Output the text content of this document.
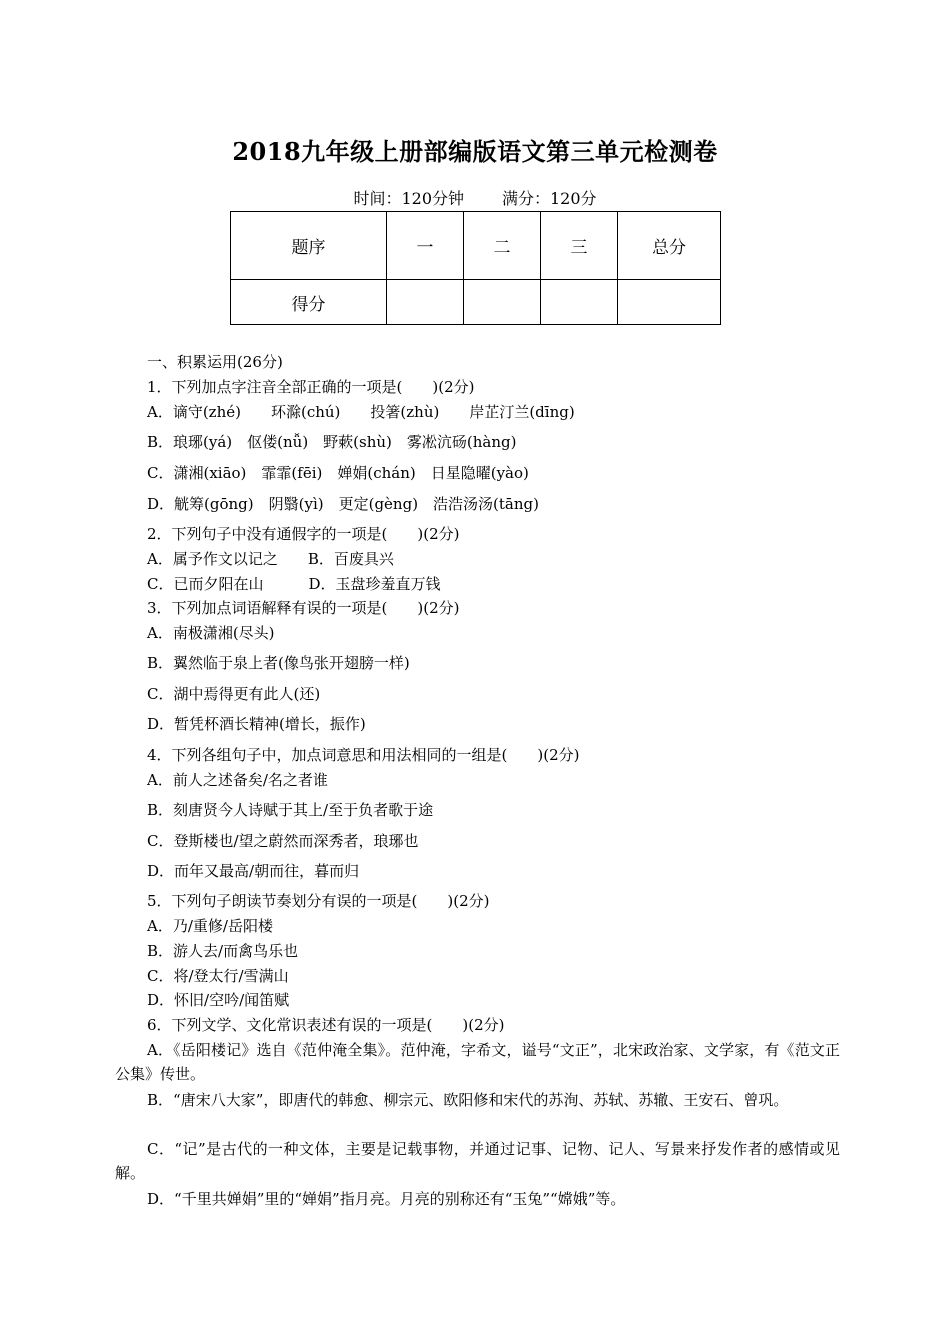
2018九年级上册部编版语文第三单元检测卷
时间：120分钟 满分：120分
题序	一	二	三	总分
得分				
一、积累运用(26分)
1．下列加点字注音全部正确的一项是(　　)(2分)
A．谪守(zhé)　　环滁(chú)　　投箸(zhù)　　岸芷汀兰(dīng)
B．琅琊(yá)　伛偻(nǚ)　野蔌(shù)　雾凇沆砀(hàng)
C．潇湘(xiāo)　霏霏(fēi)　婵娟(chán)　日星隐曜(yào)
D．觥筹(gōng)　阴翳(yì)　更定(gèng)　浩浩汤汤(tāng)
2．下列句子中没有通假字的一项是(　　)(2分)
A．属予作文以记之　　B．百废具兴
C．已而夕阳在山　　　D．玉盘珍羞直万钱
3．下列加点词语解释有误的一项是(　　)(2分)
A．南极潇湘(尽头)
B．翼然临于泉上者(像鸟张开翅膀一样)
C．湖中焉得更有此人(还)
D．暂凭杯酒长精神(增长，振作)
4．下列各组句子中，加点词意思和用法相同的一组是(　　)(2分)
A．前人之述备矣/名之者谁
B．刻唐贤今人诗赋于其上/至于负者歌于途
C．登斯楼也/望之蔚然而深秀者，琅琊也
D．而年又最高/朝而往，暮而归
5．下列句子朗读节奏划分有误的一项是(　　)(2分)
A．乃/重修/岳阳楼
B．游人去/而禽鸟乐也
C．将/登太行/雪满山
D．怀旧/空吟/闻笛赋
6．下列文学、文化常识表述有误的一项是(　　)(2分)
A．《岳阳楼记》选自《范仲淹全集》。范仲淹，字希文，谥号“文正”，北宋政治家、文学家，有《范文正公集》传世。
B．“唐宋八大家”，即唐代的韩愈、柳宗元、欧阳修和宋代的苏洵、苏轼、苏辙、王安石、曾巩。
C．“记”是古代的一种文体，主要是记载事物，并通过记事、记物、记人、写景来抒发作者的感情或见解。
D．“千里共婵娟”里的“婵娟”指月亮。月亮的别称还有“玉兔”“嫦娥”等。
